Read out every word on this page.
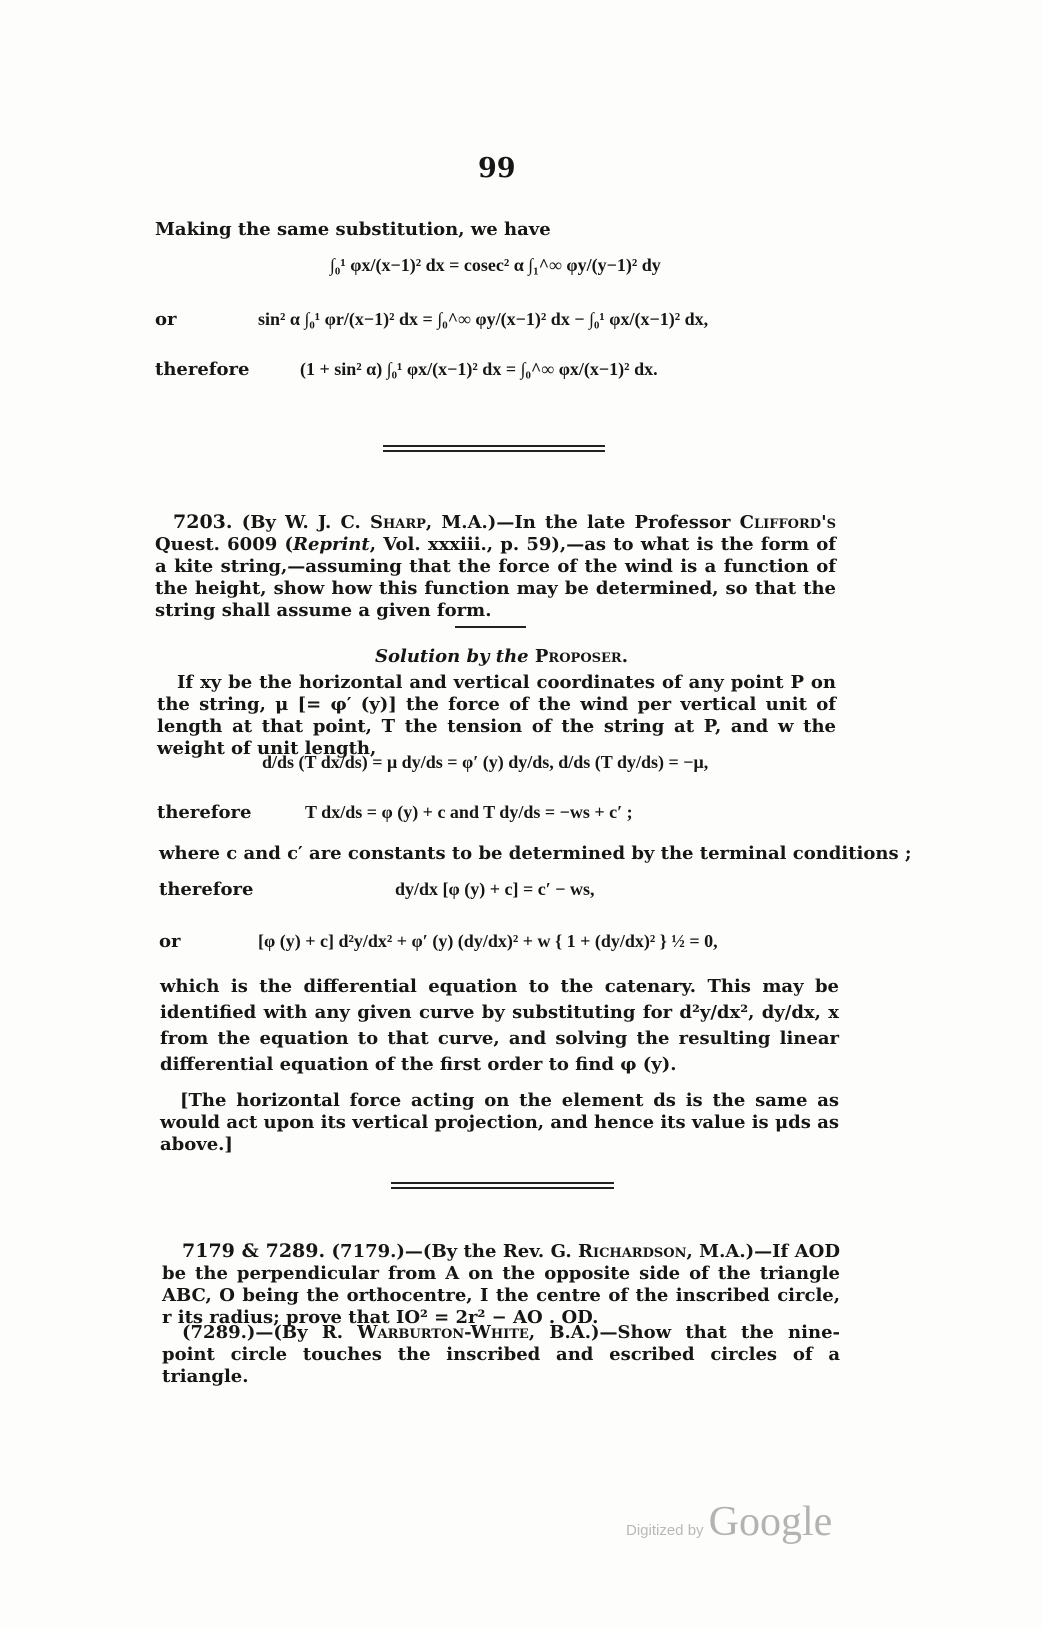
99
Making the same substitution, we have
∫₀¹ φx/(x−1)² dx = cosec² α ∫₁^∞ φy/(y−1)² dy
or	sin² α ∫₀¹ φr/(x−1)² dx = ∫₀^∞ φy/(x−1)² dx − ∫₀¹ φx/(x−1)² dx,
therefore	(1 + sin² α) ∫₀¹ φx/(x−1)² dx = ∫₀^∞ φx/(x−1)² dx.
7203. (By W. J. C. Sharp, M.A.)—In the late Professor Clifford's Quest. 6009 (Reprint, Vol. xxxiii., p. 59),—as to what is the form of a kite string,—assuming that the force of the wind is a function of the height, show how this function may be determined, so that the string shall assume a given form.
Solution by the Proposer.
If xy be the horizontal and vertical coordinates of any point P on the string, μ [= φ′ (y)] the force of the wind per vertical unit of length at that point, T the tension of the string at P, and w the weight of unit length,
d/ds (T dx/ds) = μ dy/ds = φ′ (y) dy/ds, d/ds (T dy/ds) = −μ,
therefore	T dx/ds = φ (y) + c and T dy/ds = −ws + c′ ;
where c and c′ are constants to be determined by the terminal conditions ;
therefore	dy/dx [φ (y) + c] = c′ − ws,
or	[φ (y) + c] d²y/dx² + φ′ (y) (dy/dx)² + w { 1 + (dy/dx)² } ½ = 0,
which is the differential equation to the catenary. This may be identified with any given curve by substituting for d²y/dx², dy/dx, x from the equation to that curve, and solving the resulting linear differential equation of the first order to find φ (y).
[The horizontal force acting on the element ds is the same as would act upon its vertical projection, and hence its value is μds as above.]
7179 & 7289. (7179.)—(By the Rev. G. Richardson, M.A.)—If AOD be the perpendicular from A on the opposite side of the triangle ABC, O being the orthocentre, I the centre of the inscribed circle, r its radius; prove that IO² = 2r² − AO . OD.
(7289.)—(By R. Warburton-White, B.A.)—Show that the nine-point circle touches the inscribed and escribed circles of a triangle.
Digitized by Google
